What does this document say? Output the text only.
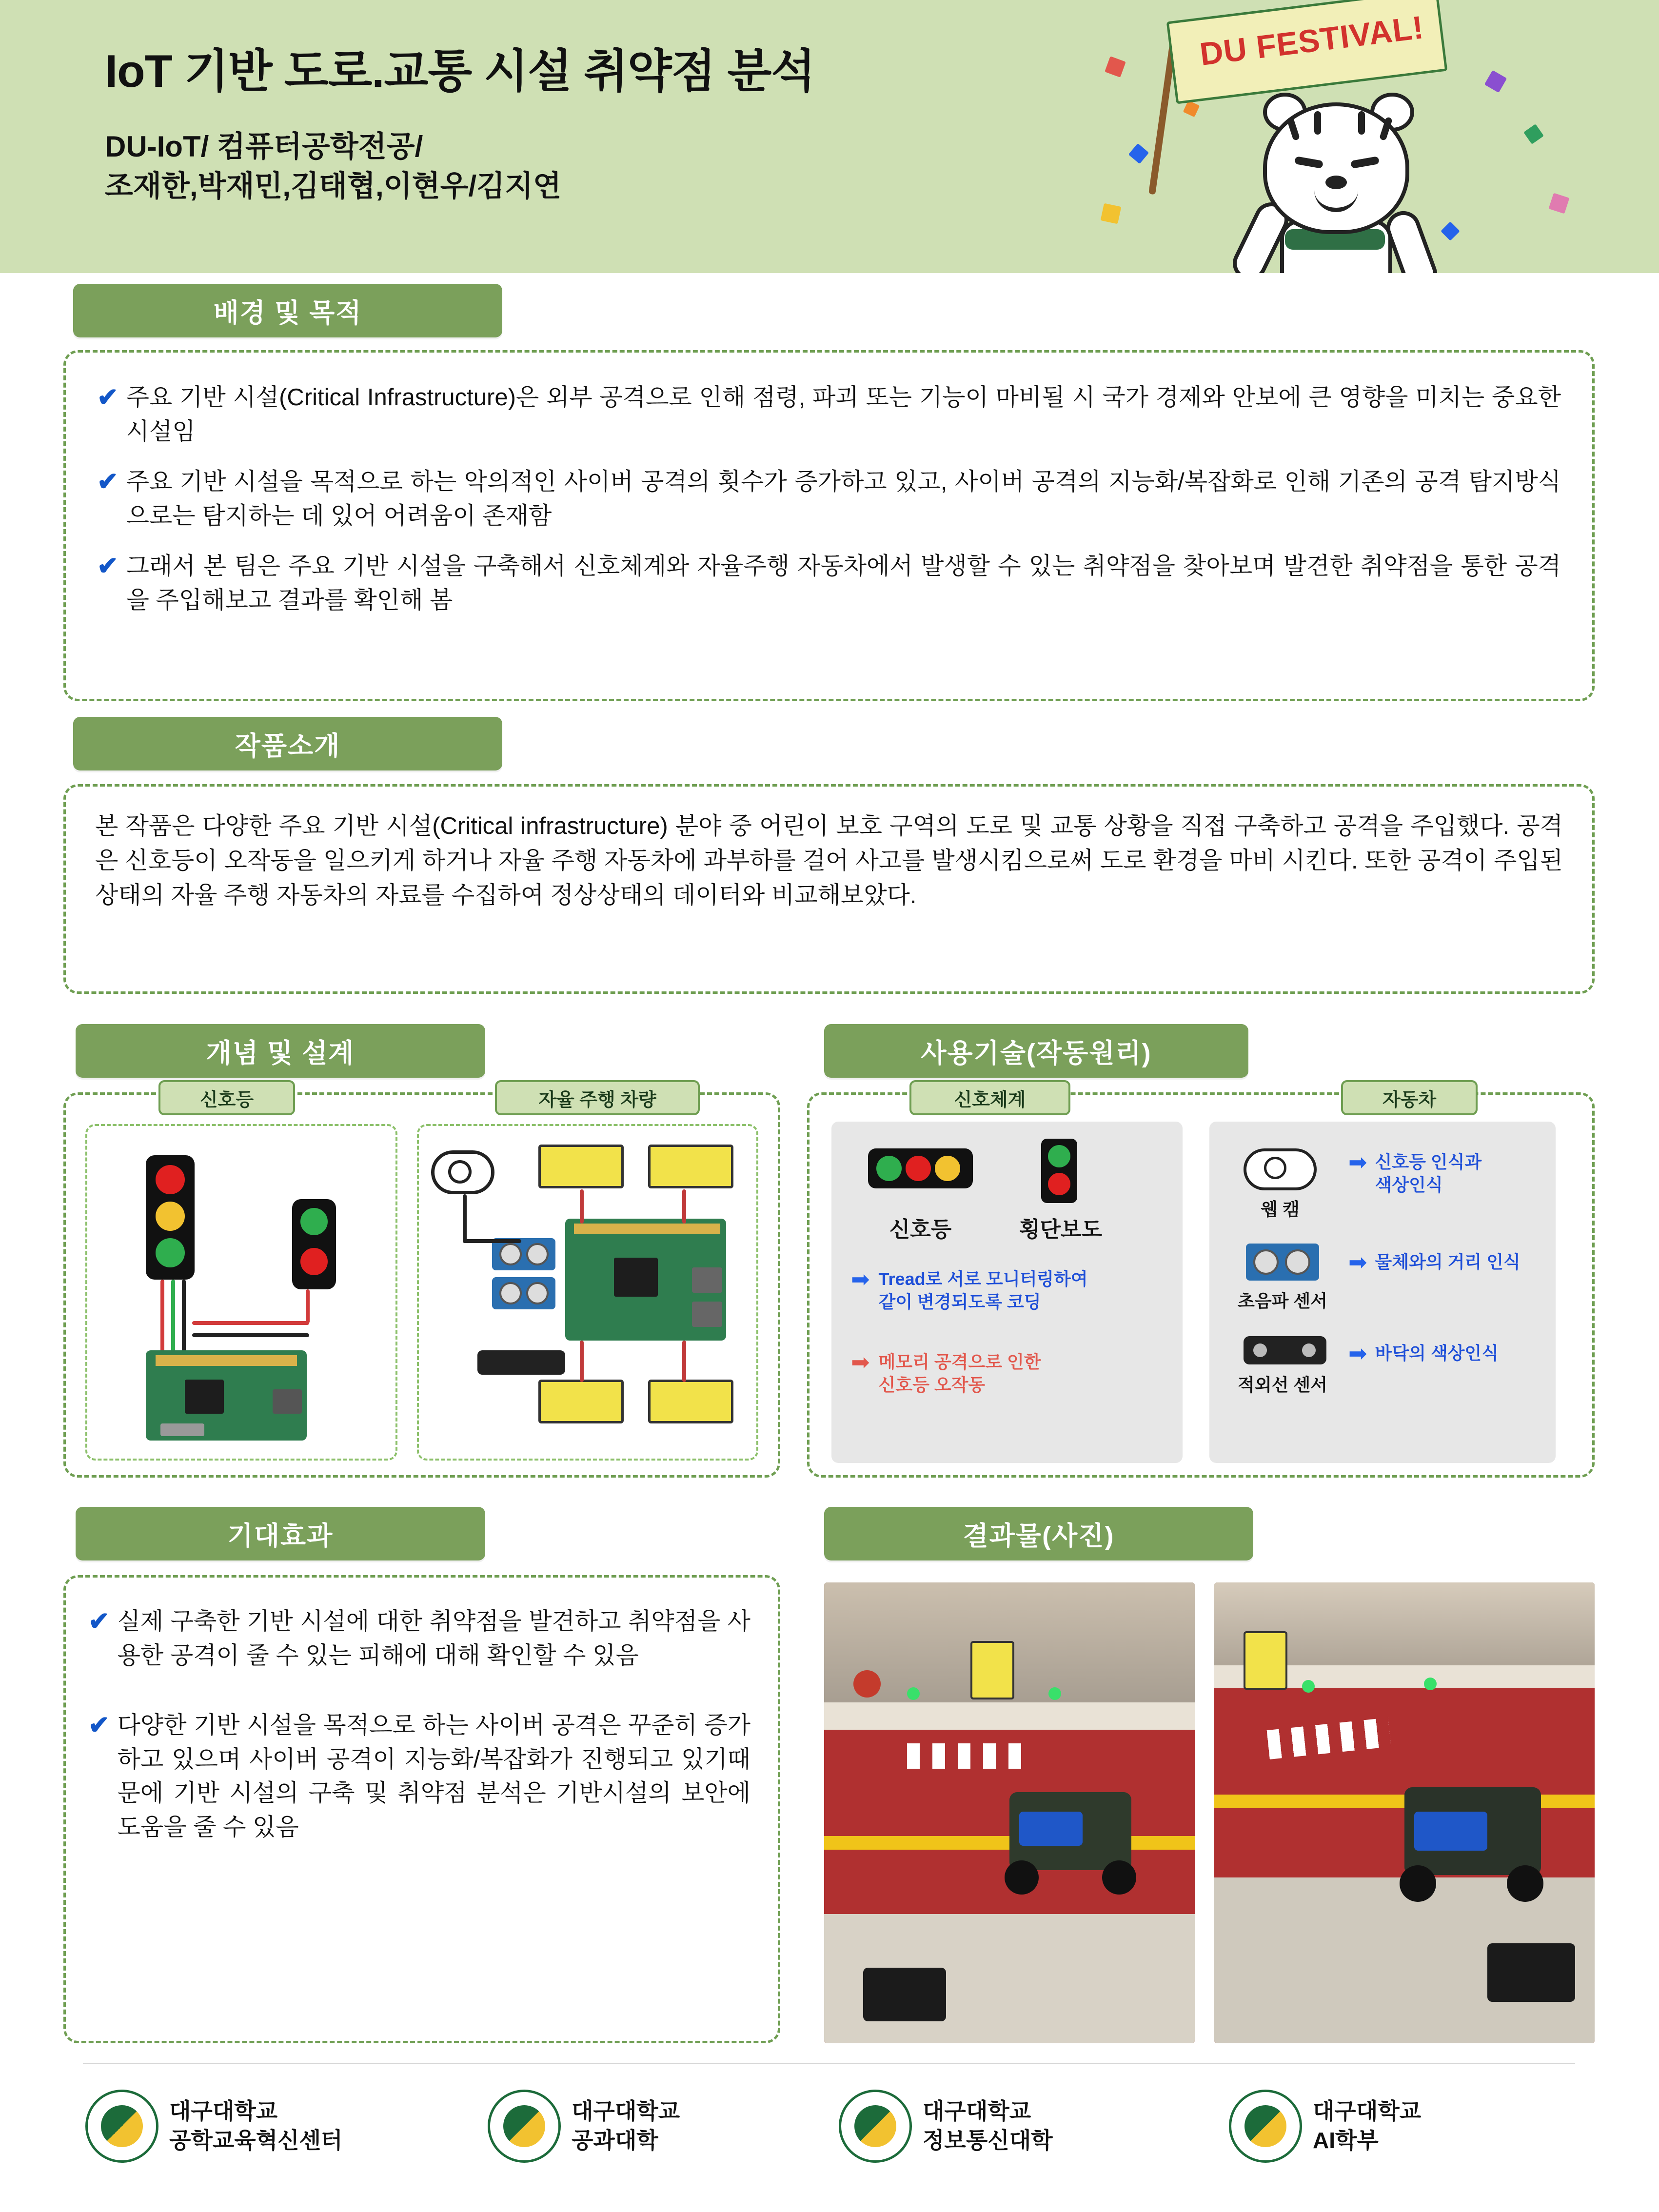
IoT 기반 도로.교통 시설 취약점 분석
DU-IoT/ 컴퓨터공학전공/
조재한,박재민,김태협,이현우/김지연
DU FESTIVAL!
배경 및 목적
✔ 주요 기반 시설(Critical Infrastructure)은 외부 공격으로 인해 점령, 파괴 또는 기능이 마비될 시 국가 경제와 안보에 큰 영향을 미치는 중요한 시설임
✔ 주요 기반 시설을 목적으로 하는 악의적인 사이버 공격의 횟수가 증가하고 있고, 사이버 공격의 지능화/복잡화로 인해 기존의 공격 탐지방식으로는 탐지하는 데 있어 어려움이 존재함
✔ 그래서 본 팀은 주요 기반 시설을 구축해서 신호체계와 자율주행 자동차에서 발생할 수 있는 취약점을 찾아보며 발견한 취약점을 통한 공격을 주입해보고 결과를 확인해 봄
작품소개
본 작품은 다양한 주요 기반 시설(Critical infrastructure) 분야 중 어린이 보호 구역의 도로 및 교통 상황을 직접 구축하고 공격을 주입했다. 공격은 신호등이 오작동을 일으키게 하거나 자율 주행 자동차에 과부하를 걸어 사고를 발생시킴으로써 도로 환경을 마비 시킨다. 또한 공격이 주입된 상태의 자율 주행 자동차의 자료를 수집하여 정상상태의 데이터와 비교해보았다.
개념 및 설계
신호등	자율 주행 차량
사용기술(작동원리)
신호체계	자동차
신호등	횡단보도
➡ Tread로 서로 모니터링하여
같이 변경되도록 코딩
➡ 메모리 공격으로 인한
신호등 오작동
웹 캠
➡ 신호등 인식과
색상인식
초음파 센서
➡ 물체와의 거리 인식
적외선 센서
➡ 바닥의 색상인식
기대효과
✔ 실제 구축한 기반 시설에 대한 취약점을 발견하고 취약점을 사용한 공격이 줄 수 있는 피해에 대해 확인할 수 있음
✔ 다양한 기반 시설을 목적으로 하는 사이버 공격은 꾸준히 증가하고 있으며 사이버 공격이 지능화/복잡화가 진행되고 있기때문에 기반 시설의 구축 및 취약점 분석은 기반시설의 보안에 도움을 줄 수 있음
결과물(사진)
대구대학교
공학교육혁신센터
대구대학교
공과대학
대구대학교
정보통신대학
대구대학교
AI학부
